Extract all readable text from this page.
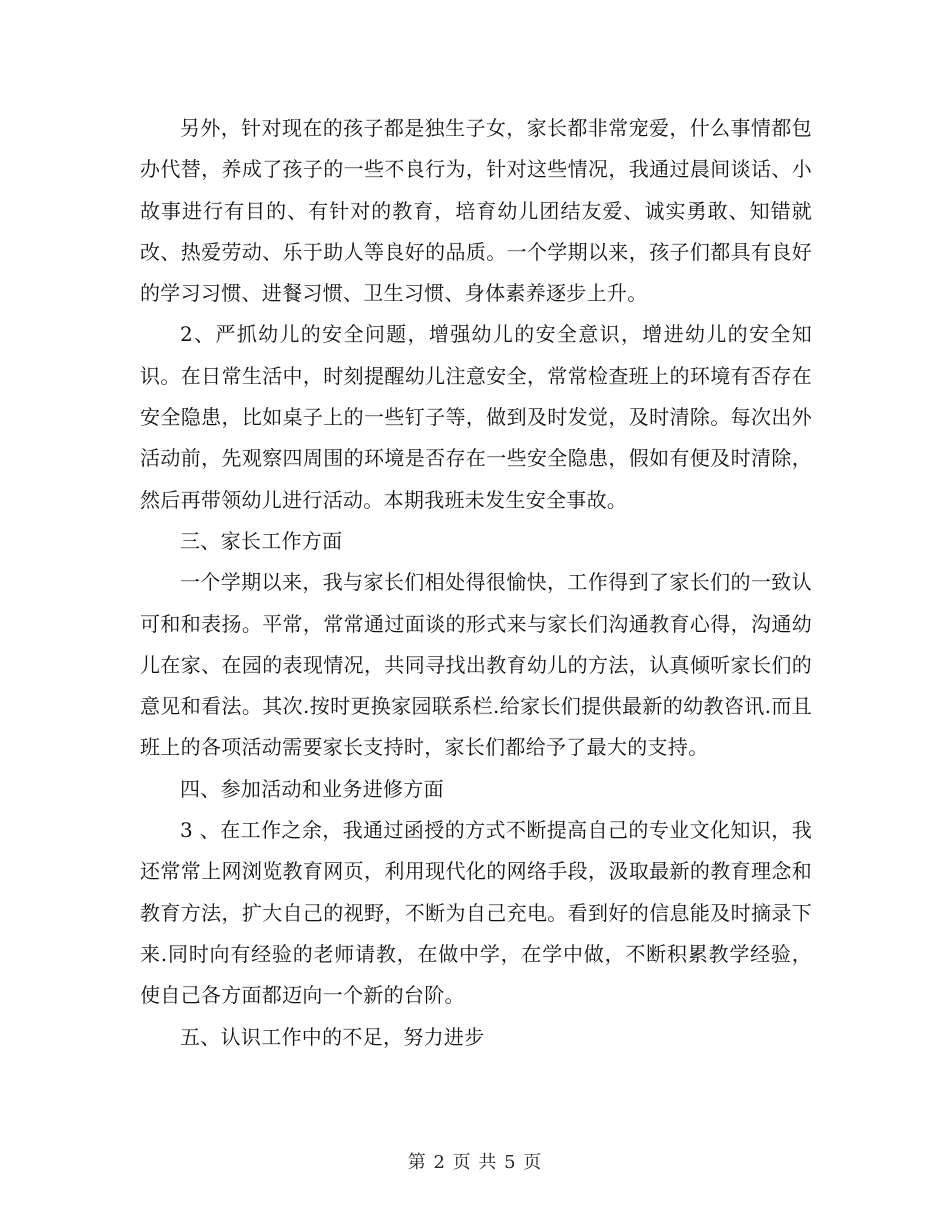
另外，针对现在的孩子都是独生子女，家长都非常宠爱，什么事情都包办代替，养成了孩子的一些不良行为，针对这些情况，我通过晨间谈话、小故事进行有目的、有针对的教育，培育幼儿团结友爱、诚实勇敢、知错就改、热爱劳动、乐于助人等良好的品质。一个学期以来，孩子们都具有良好的学习习惯、进餐习惯、卫生习惯、身体素养逐步上升。

2、严抓幼儿的安全问题，增强幼儿的安全意识，增进幼儿的安全知识。在日常生活中，时刻提醒幼儿注意安全，常常检查班上的环境有否存在安全隐患，比如桌子上的一些钉子等，做到及时发觉，及时清除。每次出外活动前，先观察四周围的环境是否存在一些安全隐患，假如有便及时清除，然后再带领幼儿进行活动。本期我班未发生安全事故。

三、家长工作方面

一个学期以来，我与家长们相处得很愉快，工作得到了家长们的一致认可和和表扬。平常，常常通过面谈的形式来与家长们沟通教育心得，沟通幼儿在家、在园的表现情况，共同寻找出教育幼儿的方法，认真倾听家长们的意见和看法。其次.按时更换家园联系栏.给家长们提供最新的幼教咨讯.而且班上的各项活动需要家长支持时，家长们都给予了最大的支持。

四、参加活动和业务进修方面

3 、在工作之余，我通过函授的方式不断提高自己的专业文化知识，我还常常上网浏览教育网页，利用现代化的网络手段，汲取最新的教育理念和教育方法，扩大自己的视野，不断为自己充电。看到好的信息能及时摘录下来.同时向有经验的老师请教，在做中学，在学中做，不断积累教学经验，使自己各方面都迈向一个新的台阶。

五、认识工作中的不足，努力进步

第 2 页 共 5 页
